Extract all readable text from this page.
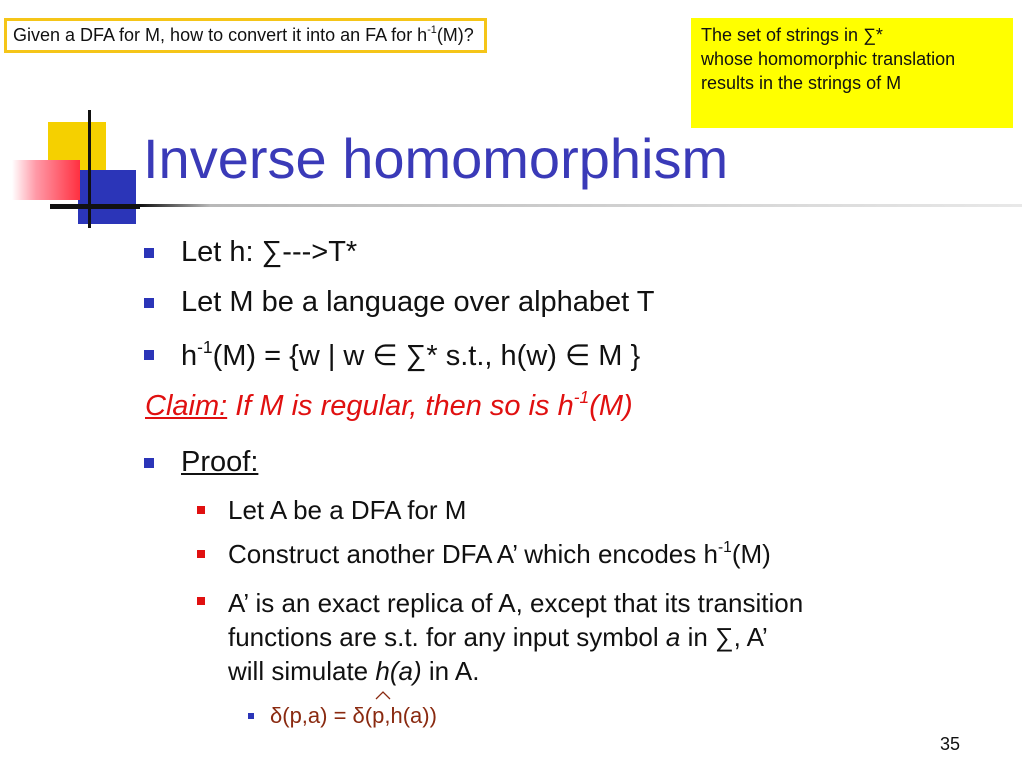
Given a DFA for M, how to convert it into an FA for $h^{-1}(M)$?	The set of strings in ∑*
whose homomorphic translation
results in the strings of M
Inverse homomorphism
Let h: ∑--->T*
Let M be a language over alphabet T
$h^{-1}(M) = \{w$ | w ∈ ∑* s.t., h(w) ∈ M }
Claim: If M is regular, then so is $h^{-1}(M)$
Proof:
Let A be a DFA for M
Construct another DFA A’ which encodes $h^{-1}(M)$
A’ is an exact replica of A, except that its transition
functions are s.t. for any input symbol a in ∑, A’
will simulate h(a) in A.
δ(p,a) = δ(p,h(a))
35
